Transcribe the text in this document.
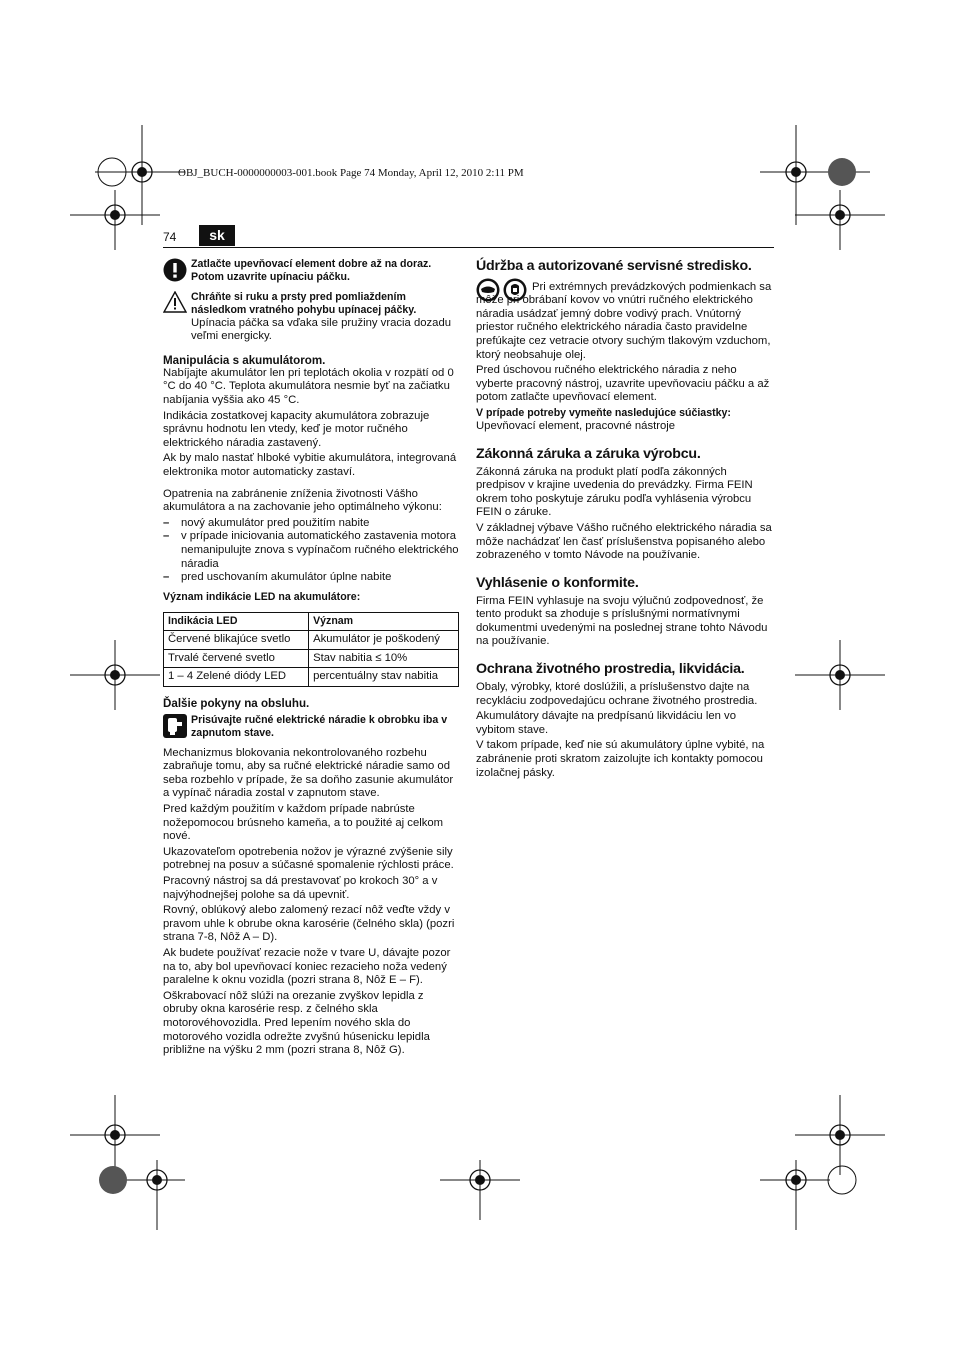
OBJ_BUCH-0000000003-001.book Page 74 Monday, April 12, 2010 2:11 PM
74	sk
Zatlačte upevňovací element dobre až na doraz. Potom uzavrite upínaciu páčku.
Chráňte si ruku a prsty pred pomliaždením následkom vratného pohybu upínacej páčky.
Upínacia páčka sa vďaka sile pružiny vracia dozadu veľmi energicky.
Manipulácia s akumulátorom.

Nabíjajte akumulátor len pri teplotách okolia v rozpätí od 0 °C do 40 °C. Teplota akumulátora nesmie byť na začiatku nabíjania vyššia ako 45 °C.

Indikácia zostatkovej kapacity akumulátora zobrazuje správnu hodnotu len vtedy, keď je motor ručného elektrického náradia zastavený.

Ak by malo nastať hlboké vybitie akumulátora, integrovaná elektronika motor automaticky zastaví.

Opatrenia na zabránenie zníženia životnosti Vášho akumulátora a na zachovanie jeho optimálneho výkonu:

– nový akumulátor pred použitím nabite
– v prípade iniciovania automatického zastavenia motora nemanipulujte znova s vypínačom ručného elektrického náradia
– pred uschovaním akumulátor úplne nabite
Význam indikácie LED na akumulátore:
Indikácia LED	Význam
Červené blikajúce svetlo	Akumulátor je poškodený
Trvalé červené svetlo	Stav nabitia ≤ 10%
1 – 4 Zelené diódy LED	percentuálny stav nabitia
Ďalšie pokyny na obsluhu.
Prisúvajte ručné elektrické náradie k obrobku iba v zapnutom stave.

Mechanizmus blokovania nekontrolovaného rozbehu zabraňuje tomu, aby sa ručné elektrické náradie samo od seba rozbehlo v prípade, že sa doňho zasunie akumulátor a vypínač náradia zostal v zapnutom stave.

Pred každým použitím v každom prípade nabrúste nožepomocou brúsneho kameňa, a to použité aj celkom nové.

Ukazovateľom opotrebenia nožov je výrazné zvýšenie sily potrebnej na posuv a súčasné spomalenie rýchlosti práce.

Pracovný nástroj sa dá prestavovať po krokoch 30° a v najvýhodnejšej polohe sa dá upevniť.

Rovný, oblúkový alebo zalomený rezací nôž veďte vždy v pravom uhle k obrube okna karosérie (čelného skla) (pozri strana 7-8, Nôž A – D).

Ak budete používať rezacie nože v tvare U, dávajte pozor na to, aby bol upevňovací koniec rezacieho noža vedený paralelne k oknu vozidla (pozri strana 8, Nôž E – F).

Oškrabovací nôž slúži na orezanie zvyškov lepidla z obruby okna karosérie resp. z čelného skla motorovéhovozidla. Pred lepením nového skla do motorového vozidla odrežte zvyšnú húsenicku lepidla približne na výšku 2 mm (pozri strana 8, Nôž G).

Údržba a autorizované servisné stredisko.

Pri extrémnych prevádzkových podmienkach sa môže pri obrábaní kovov vo vnútri ručného elektrického náradia usádzať jemný dobre vodivý prach. Vnútorný priestor ručného elektrického náradia často pravidelne prefúkajte cez vetracie otvory suchým tlakovým vzduchom, ktorý neobsahuje olej.

Pred úschovou ručného elektrického náradia z neho vyberte pracovný nástroj, uzavrite upevňovaciu páčku a až potom zatlačte upevňovací element.

V prípade potreby vymeňte nasledujúce súčiastky:

Upevňovací element, pracovné nástroje

Zákonná záruka a záruka výrobcu.

Zákonná záruka na produkt platí podľa zákonných predpisov v krajine uvedenia do prevádzky. Firma FEIN okrem toho poskytuje záruku podľa vyhlásenia výrobcu FEIN o záruke.

V základnej výbave Vášho ručného elektrického náradia sa môže nachádzať len časť príslušenstva popisaného alebo zobrazeného v tomto Návode na používanie.

Vyhlásenie o konformite.

Firma FEIN vyhlasuje na svoju výlučnú zodpovednosť, že tento produkt sa zhoduje s príslušnými normatívnymi dokumentmi uvedenými na poslednej strane tohto Návodu na používanie.

Ochrana životného prostredia, likvidácia.

Obaly, výrobky, ktoré doslúžili, a príslušenstvo dajte na recykláciu zodpovedajúcu ochrane životného prostredia.

Akumulátory dávajte na predpísanú likvidáciu len vo vybitom stave.

V takom prípade, keď nie sú akumulátory úplne vybité, na zabránenie proti skratom zaizolujte ich kontakty pomocou izolačnej pásky.
